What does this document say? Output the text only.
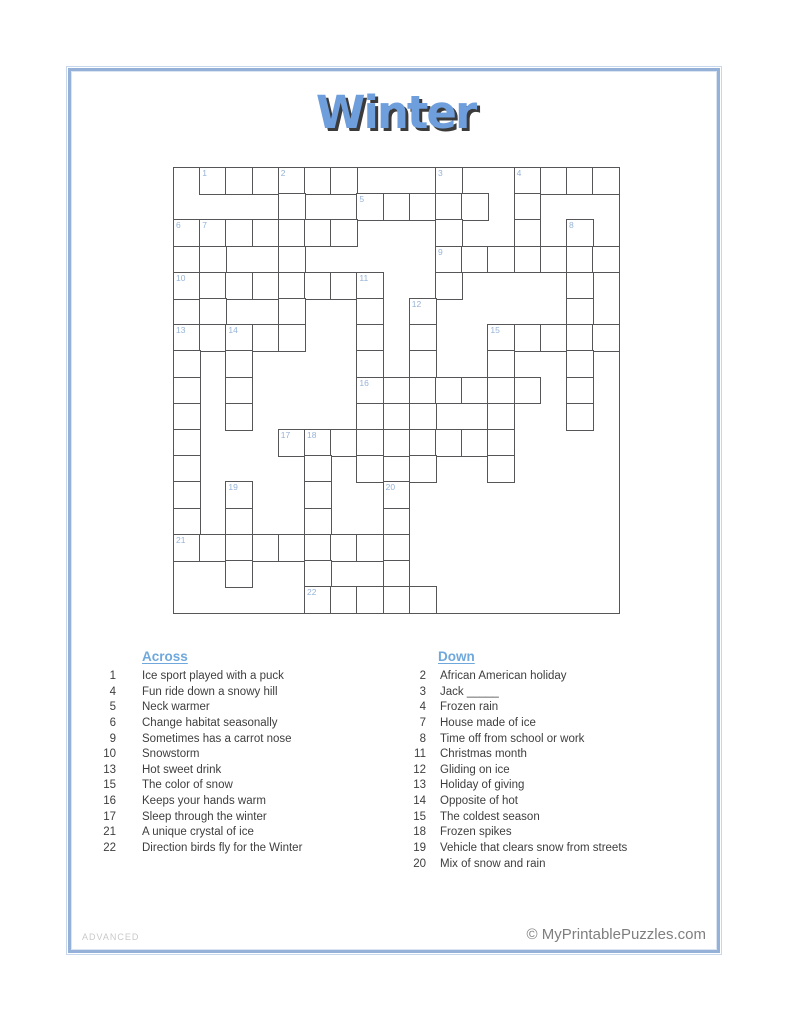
Winter
1	2	3	4
5
6	7	8
9
10	11
12
13	14	15
16
17 18
19	20
21
22
Across
1 Ice sport played with a puck
4 Fun ride down a snowy hill
5 Neck warmer
6 Change habitat seasonally
9 Sometimes has a carrot nose
10 Snowstorm
13 Hot sweet drink
15 The color of snow
16 Keeps your hands warm
17 Sleep through the winter
21 A unique crystal of ice
22 Direction birds fly for the Winter
Down
2 African American holiday
3 Jack _____
4 Frozen rain
7 House made of ice
8 Time off from school or work
11 Christmas month
12 Gliding on ice
13 Holiday of giving
14 Opposite of hot
15 The coldest season
18 Frozen spikes
19 Vehicle that clears snow from streets
20 Mix of snow and rain
ADVANCED	© MyPrintablePuzzles.com
